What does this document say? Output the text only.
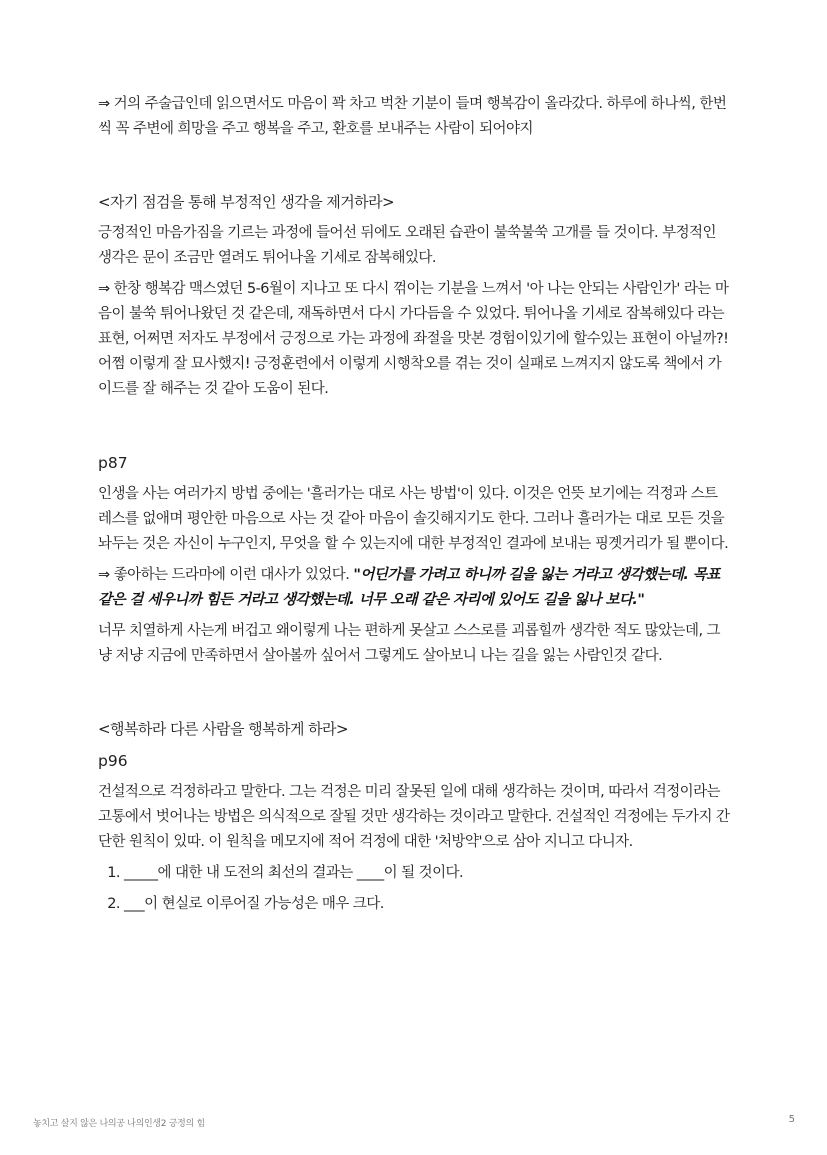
⇒ 거의 주술급인데 읽으면서도 마음이 꽉 차고 벅찬 기분이 들며 행복감이 올라갔다. 하루에 하나씩, 한번씩 꼭 주변에 희망을 주고 행복을 주고, 환호를 보내주는 사람이 되어야지

<자기 점검을 통해 부정적인 생각을 제거하라>

긍정적인 마음가짐을 기르는 과정에 들어선 뒤에도 오래된 습관이 불쑥불쑥 고개를 들 것이다. 부정적인 생각은 문이 조금만 열려도 튀어나올 기세로 잠복해있다.

⇒ 한창 행복감 맥스였던 5-6월이 지나고 또 다시 꺾이는 기분을 느껴서 '아 나는 안되는 사람인가' 라는 마음이 불쑥 튀어나왔던 것 같은데, 재독하면서 다시 가다듬을 수 있었다. 튀어나올 기세로 잠복해있다 라는 표현, 어쩌면 저자도 부정에서 긍정으로 가는 과정에 좌절을 맛본 경험이있기에 할수있는 표현이 아닐까?! 어쩜 이렇게 잘 묘사했지! 긍정훈련에서 이렇게 시행착오를 겪는 것이 실패로 느껴지지 않도록 책에서 가이드를 잘 해주는 것 같아 도움이 된다.

p87

인생을 사는 여러가지 방법 중에는 '흘러가는 대로 사는 방법'이 있다. 이것은 언뜻 보기에는 걱정과 스트레스를 없애며 평안한 마음으로 사는 것 같아 마음이 솔깃해지기도 한다. 그러나 흘러가는 대로 모든 것을 놔두는 것은 자신이 누구인지, 무엇을 할 수 있는지에 대한 부정적인 결과에 보내는 핑곗거리가 될 뿐이다.

⇒ 좋아하는 드라마에 이런 대사가 있었다. "어딘가를 가려고 하니까 길을 잃는 거라고 생각했는데. 목표 같은 걸 세우니까 힘든 거라고 생각했는데. 너무 오래 같은 자리에 있어도 길을 잃나 보다."

너무 치열하게 사는게 버겁고 왜이렇게 나는 편하게 못살고 스스로를 괴롭힐까 생각한 적도 많았는데, 그냥 저냥 지금에 만족하면서 살아볼까 싶어서 그렇게도 살아보니 나는 길을 잃는 사람인것 같다.

<행복하라 다른 사람을 행복하게 하라>

p96

건설적으로 걱정하라고 말한다. 그는 걱정은 미리 잘못된 일에 대해 생각하는 것이며, 따라서 걱정이라는 고통에서 벗어나는 방법은 의식적으로 잘될 것만 생각하는 것이라고 말한다. 건설적인 걱정에는 두가지 간단한 원칙이 있따. 이 원칙을 메모지에 적어 걱정에 대한 '처방약'으로 삼아 지니고 다니자.

1. _____에 대한 내 도전의 최선의 결과는 ____이 될 것이다.
2. ___이 현실로 이루어질 가능성은 매우 크다.
놓치고 살지 않은 나의공 나의인생2 긍정의 힘	5
